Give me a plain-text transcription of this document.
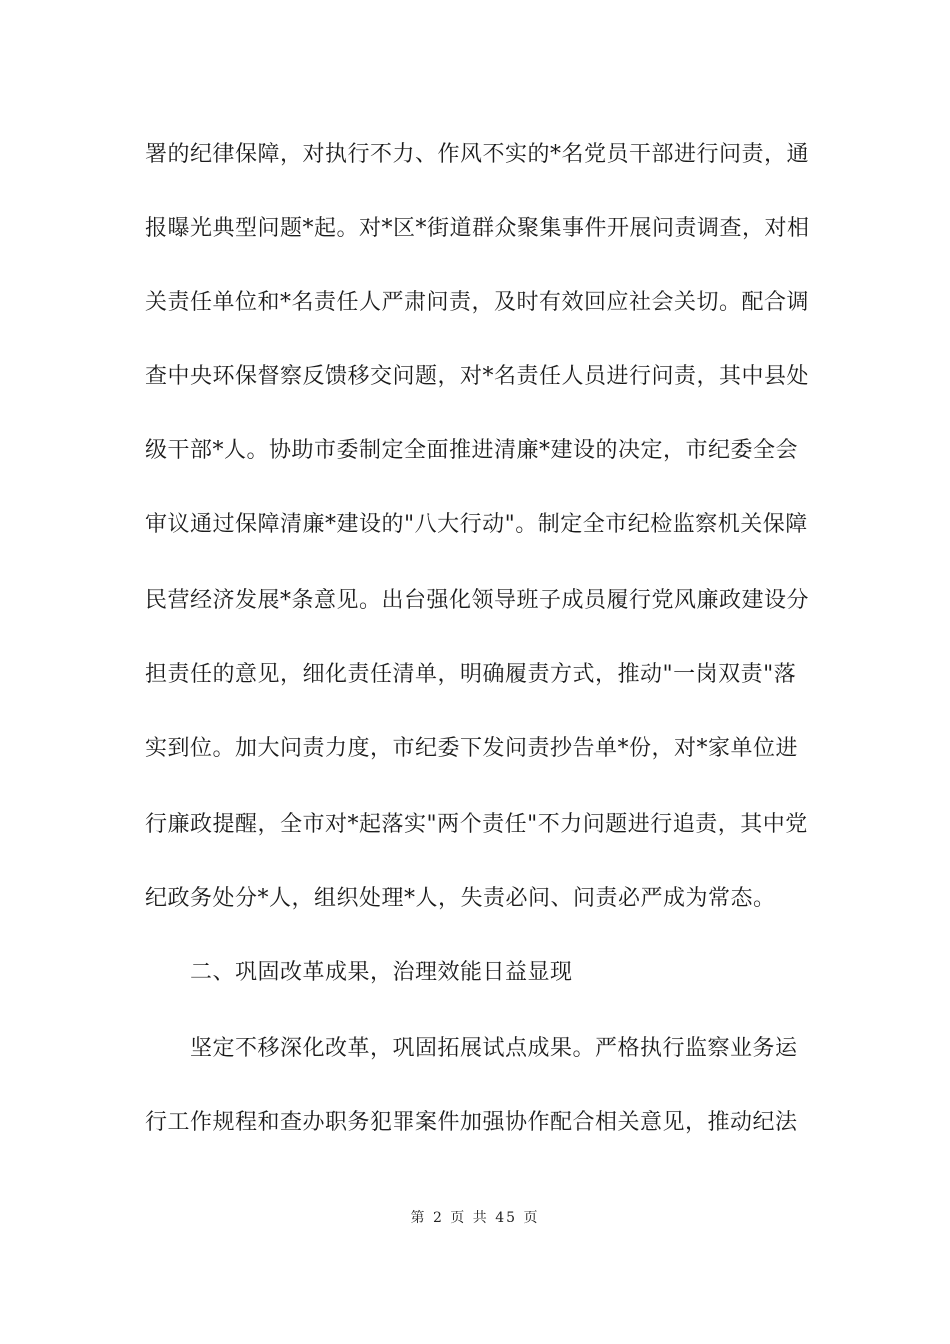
署的纪律保障，对执行不力、作风不实的*名党员干部进行问责，通
报曝光典型问题*起。对*区*街道群众聚集事件开展问责调查，对相
关责任单位和*名责任人严肃问责，及时有效回应社会关切。配合调
查中央环保督察反馈移交问题，对*名责任人员进行问责，其中县处
级干部*人。协助市委制定全面推进清廉*建设的决定，市纪委全会
审议通过保障清廉*建设的"八大行动"。制定全市纪检监察机关保障
民营经济发展*条意见。出台强化领导班子成员履行党风廉政建设分
担责任的意见，细化责任清单，明确履责方式，推动"一岗双责"落
实到位。加大问责力度，市纪委下发问责抄告单*份，对*家单位进
行廉政提醒，全市对*起落实"两个责任"不力问题进行追责，其中党
纪政务处分*人，组织处理*人，失责必问、问责必严成为常态。
二、巩固改革成果，治理效能日益显现
坚定不移深化改革，巩固拓展试点成果。严格执行监察业务运
行工作规程和查办职务犯罪案件加强协作配合相关意见，推动纪法
第 2 页 共 45 页
